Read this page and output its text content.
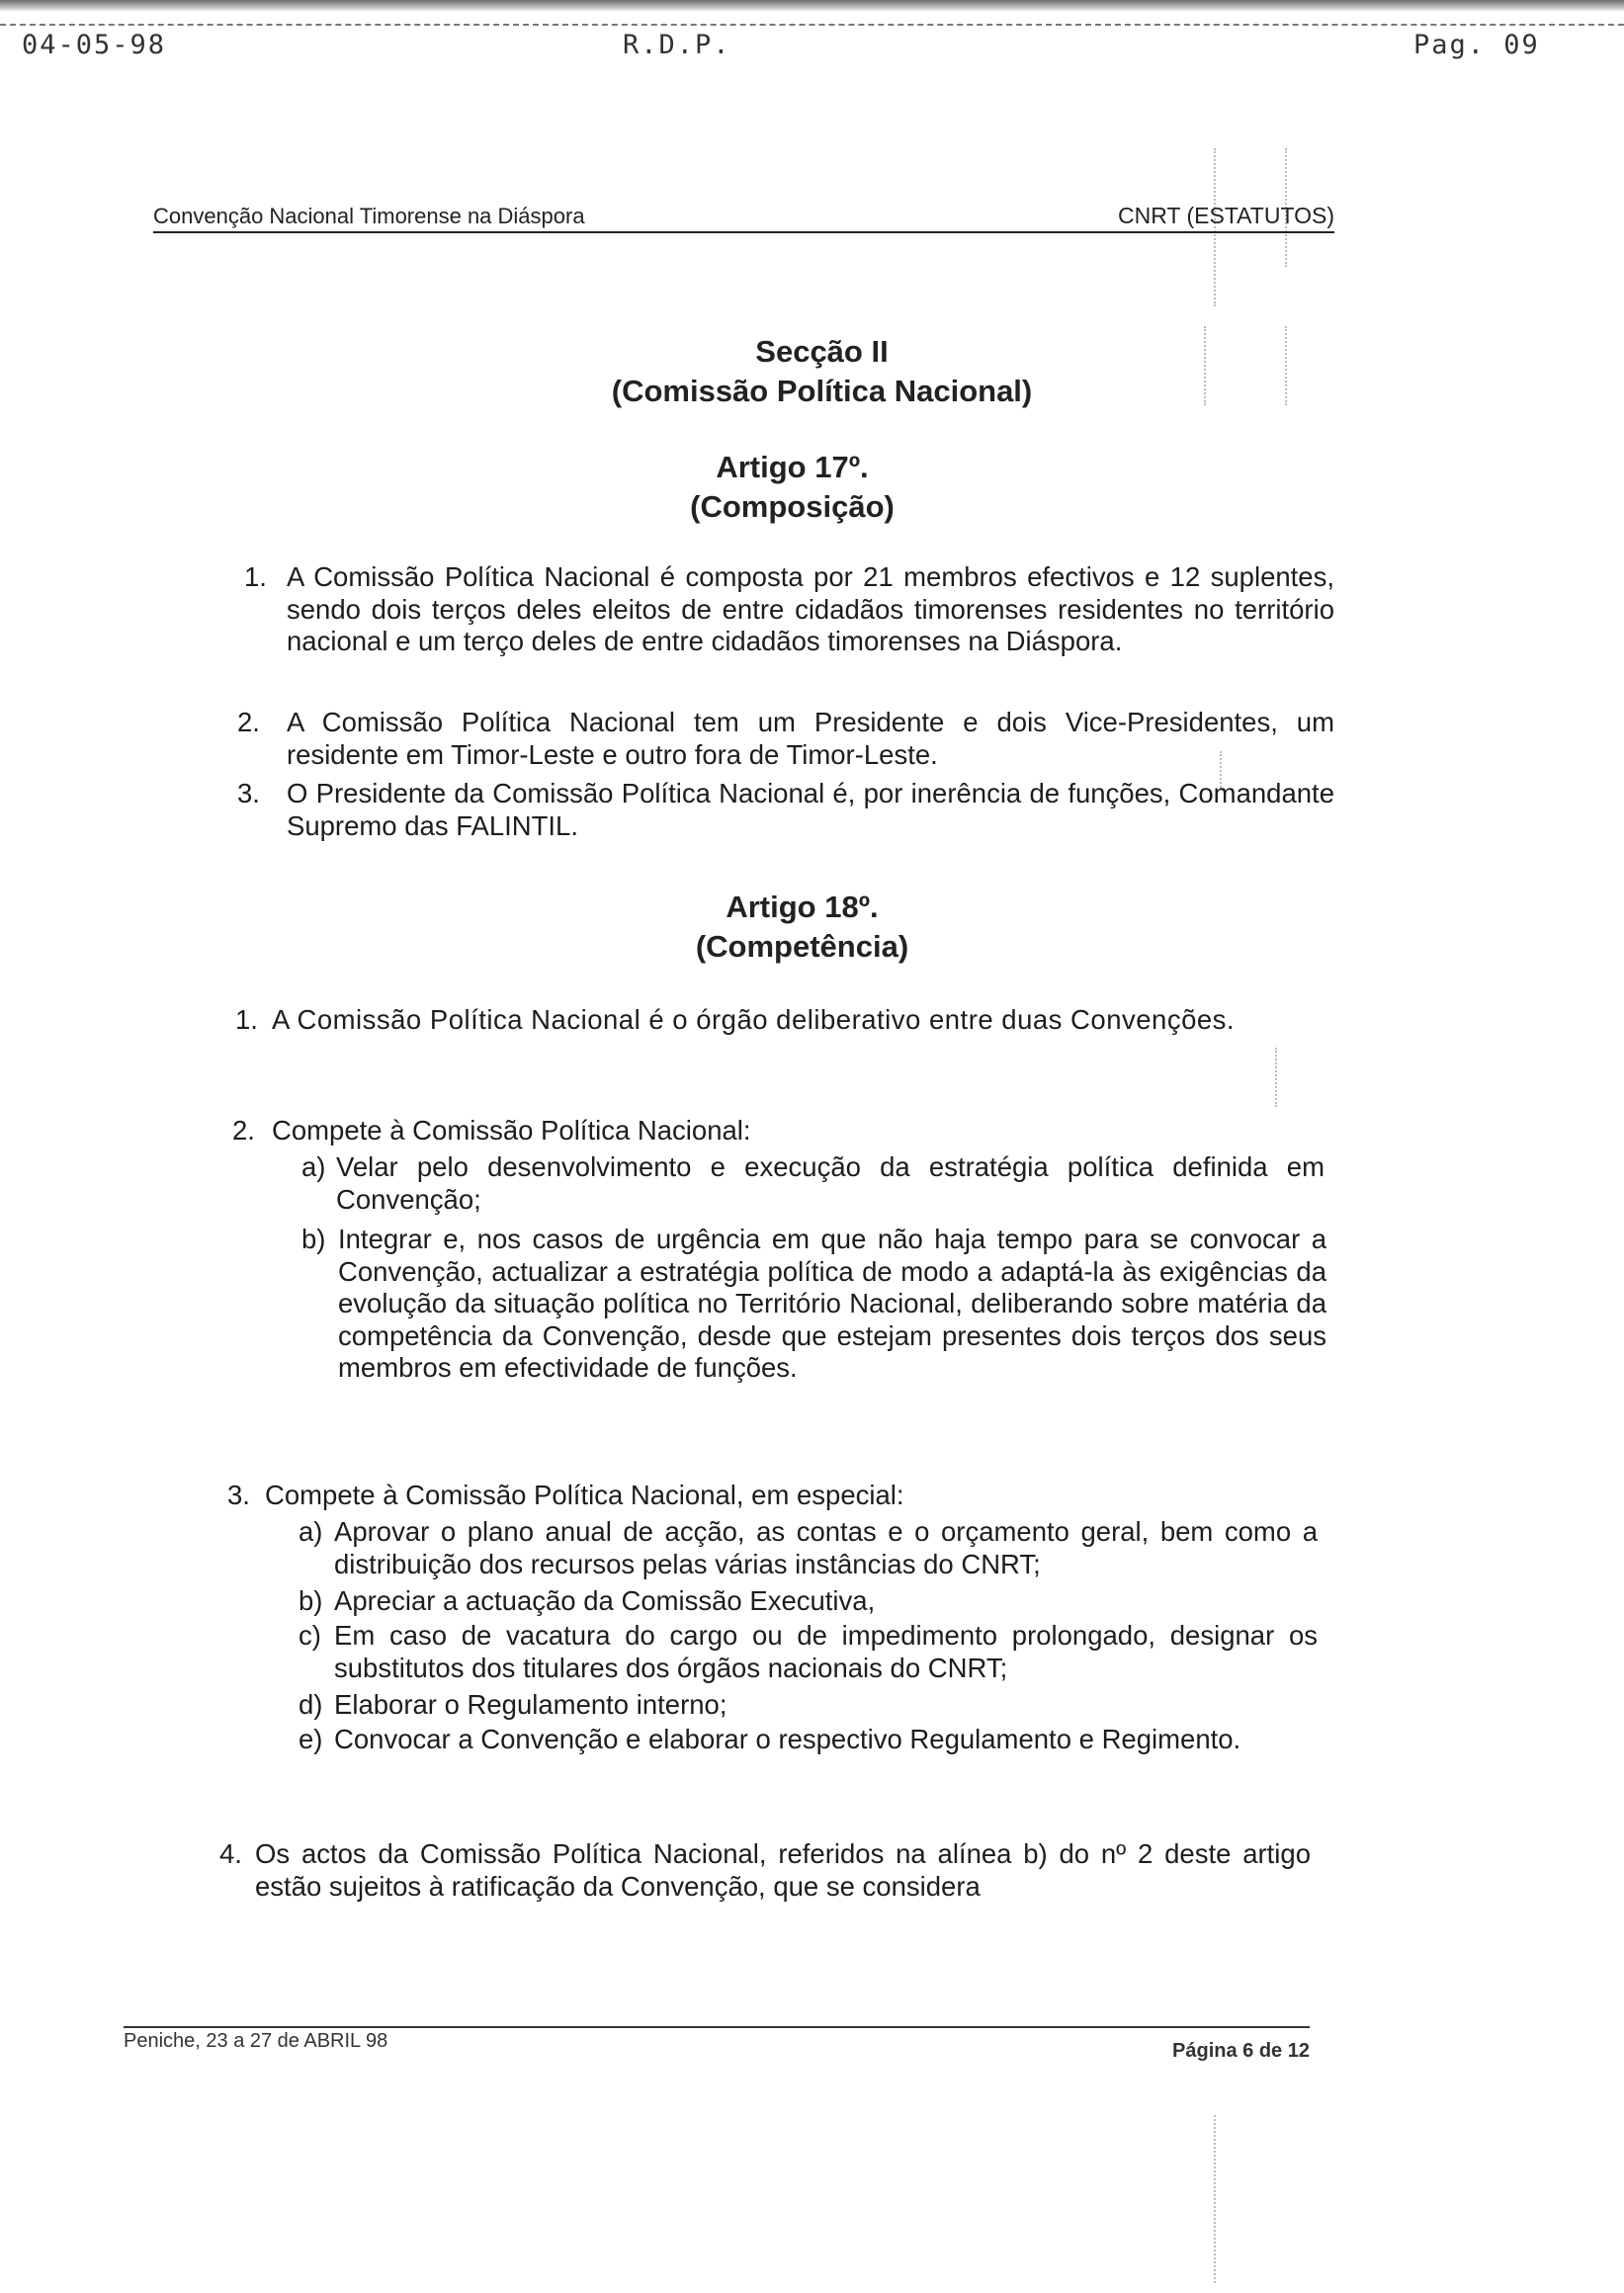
04-05-98	R.D.P.	Pag. 09
Convenção Nacional Timorense na Diáspora	CNRT (ESTATUTOS)
Secção II
(Comissão Política Nacional)
Artigo 17º.
(Composição)
1. A Comissão Política Nacional é composta por 21 membros efectivos e 12 suplentes, sendo dois terços deles eleitos de entre cidadãos timorenses residentes no território nacional e um terço deles de entre cidadãos timorenses na Diáspora.
2. A Comissão Política Nacional tem um Presidente e dois Vice-Presidentes, um residente em Timor-Leste e outro fora de Timor-Leste.
3. O Presidente da Comissão Política Nacional é, por inerência de funções, Comandante Supremo das FALINTIL.
Artigo 18º.
(Competência)
1. A Comissão Política Nacional é o órgão deliberativo entre duas Convenções.
2. Compete à Comissão Política Nacional:
a) Velar pelo desenvolvimento e execução da estratégia política definida em Convenção;
b) Integrar e, nos casos de urgência em que não haja tempo para se convocar a Convenção, actualizar a estratégia política de modo a adaptá-la às exigências da evolução da situação política no Território Nacional, deliberando sobre matéria da competência da Convenção, desde que estejam presentes dois terços dos seus membros em efectividade de funções.
3. Compete à Comissão Política Nacional, em especial:
a) Aprovar o plano anual de acção, as contas e o orçamento geral, bem como a distribuição dos recursos pelas várias instâncias do CNRT;
b) Apreciar a actuação da Comissão Executiva,
c) Em caso de vacatura do cargo ou de impedimento prolongado, designar os substitutos dos titulares dos órgãos nacionais do CNRT;
d) Elaborar o Regulamento interno;
e) Convocar a Convenção e elaborar o respectivo Regulamento e Regimento.
4. Os actos da Comissão Política Nacional, referidos na alínea b) do nº 2 deste artigo estão sujeitos à ratificação da Convenção, que se considera
Peniche, 23 a 27 de ABRIL 98	Página 6 de 12
